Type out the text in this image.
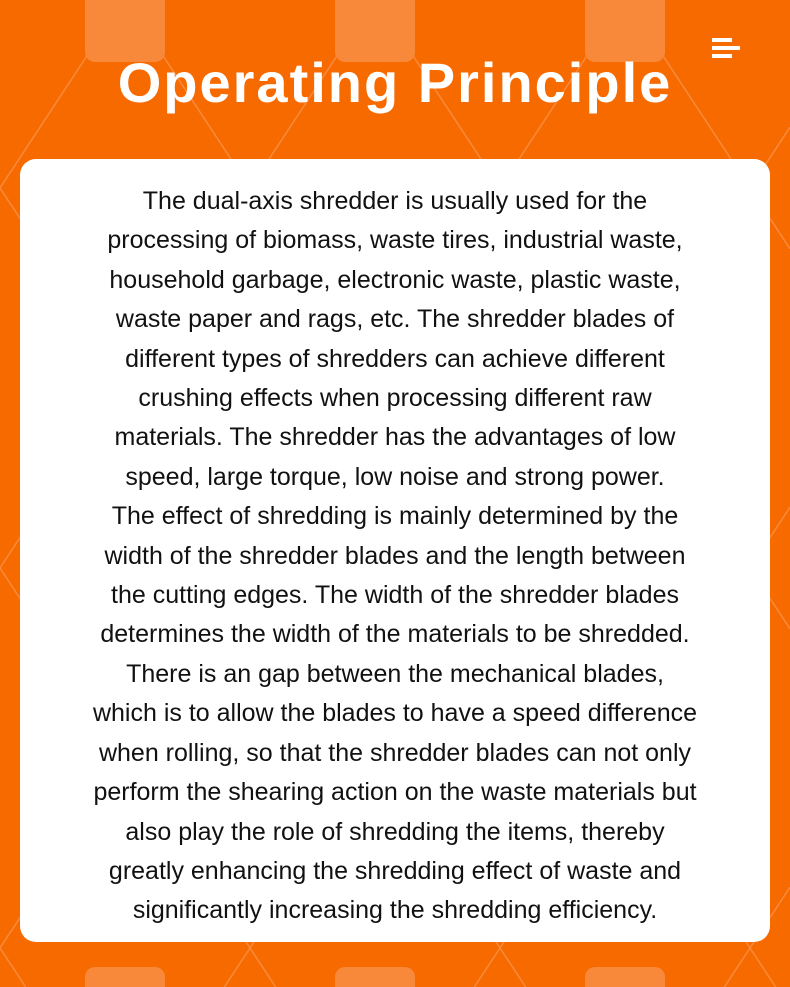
Operating Principle
The dual-axis shredder is usually used for the
processing of biomass, waste tires, industrial waste,
household garbage, electronic waste, plastic waste,
waste paper and rags, etc. The shredder blades of
different types of shredders can achieve different
crushing effects when processing different raw
materials. The shredder has the advantages of low
speed, large torque, low noise and strong power.
The effect of shredding is mainly determined by the
width of the shredder blades and the length between
the cutting edges. The width of the shredder blades
determines the width of the materials to be shredded.
There is an gap between the mechanical blades,
which is to allow the blades to have a speed difference
when rolling, so that the shredder blades can not only
perform the shearing action on the waste materials but
also play the role of shredding the items, thereby
greatly enhancing the shredding effect of waste and
significantly increasing the shredding efficiency.
